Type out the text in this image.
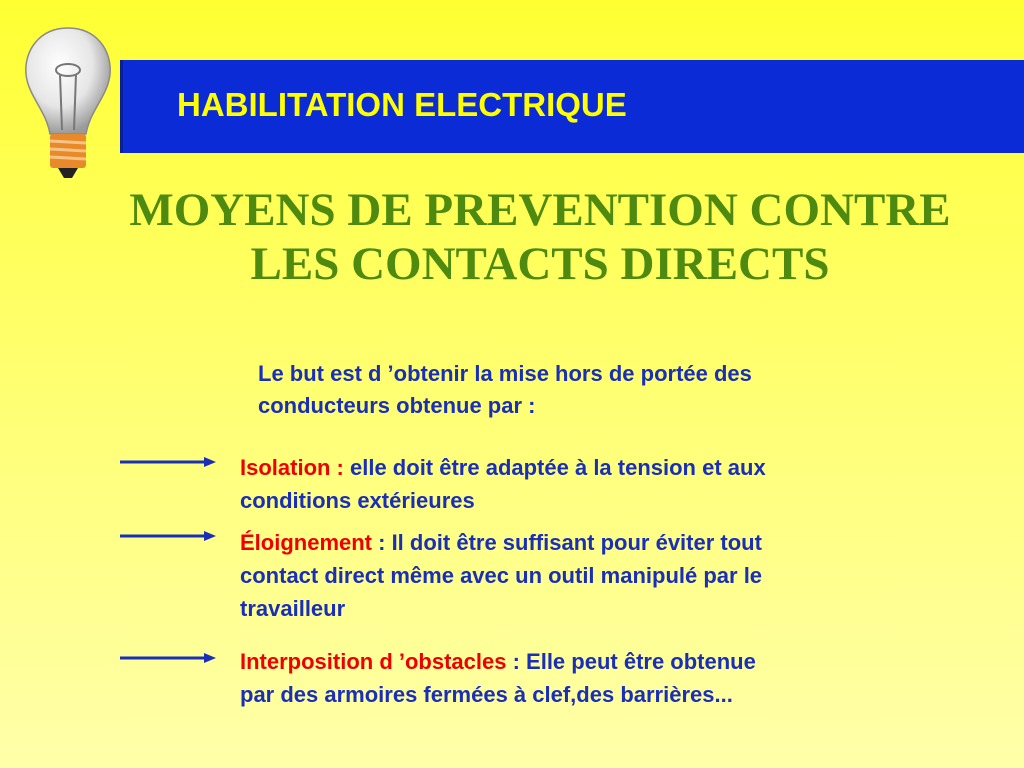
HABILITATION ELECTRIQUE
MOYENS DE PREVENTION CONTRE
LES CONTACTS DIRECTS
Le but est d ’obtenir la mise hors de portée des
conducteurs obtenue par :
Isolation : elle doit être adaptée à la tension et aux
conditions extérieures
Éloignement : Il doit être suffisant pour éviter tout
contact direct même avec un outil manipulé par le
travailleur
Interposition d ’obstacles : Elle peut être obtenue
par des armoires fermées à clef,des barrières...
